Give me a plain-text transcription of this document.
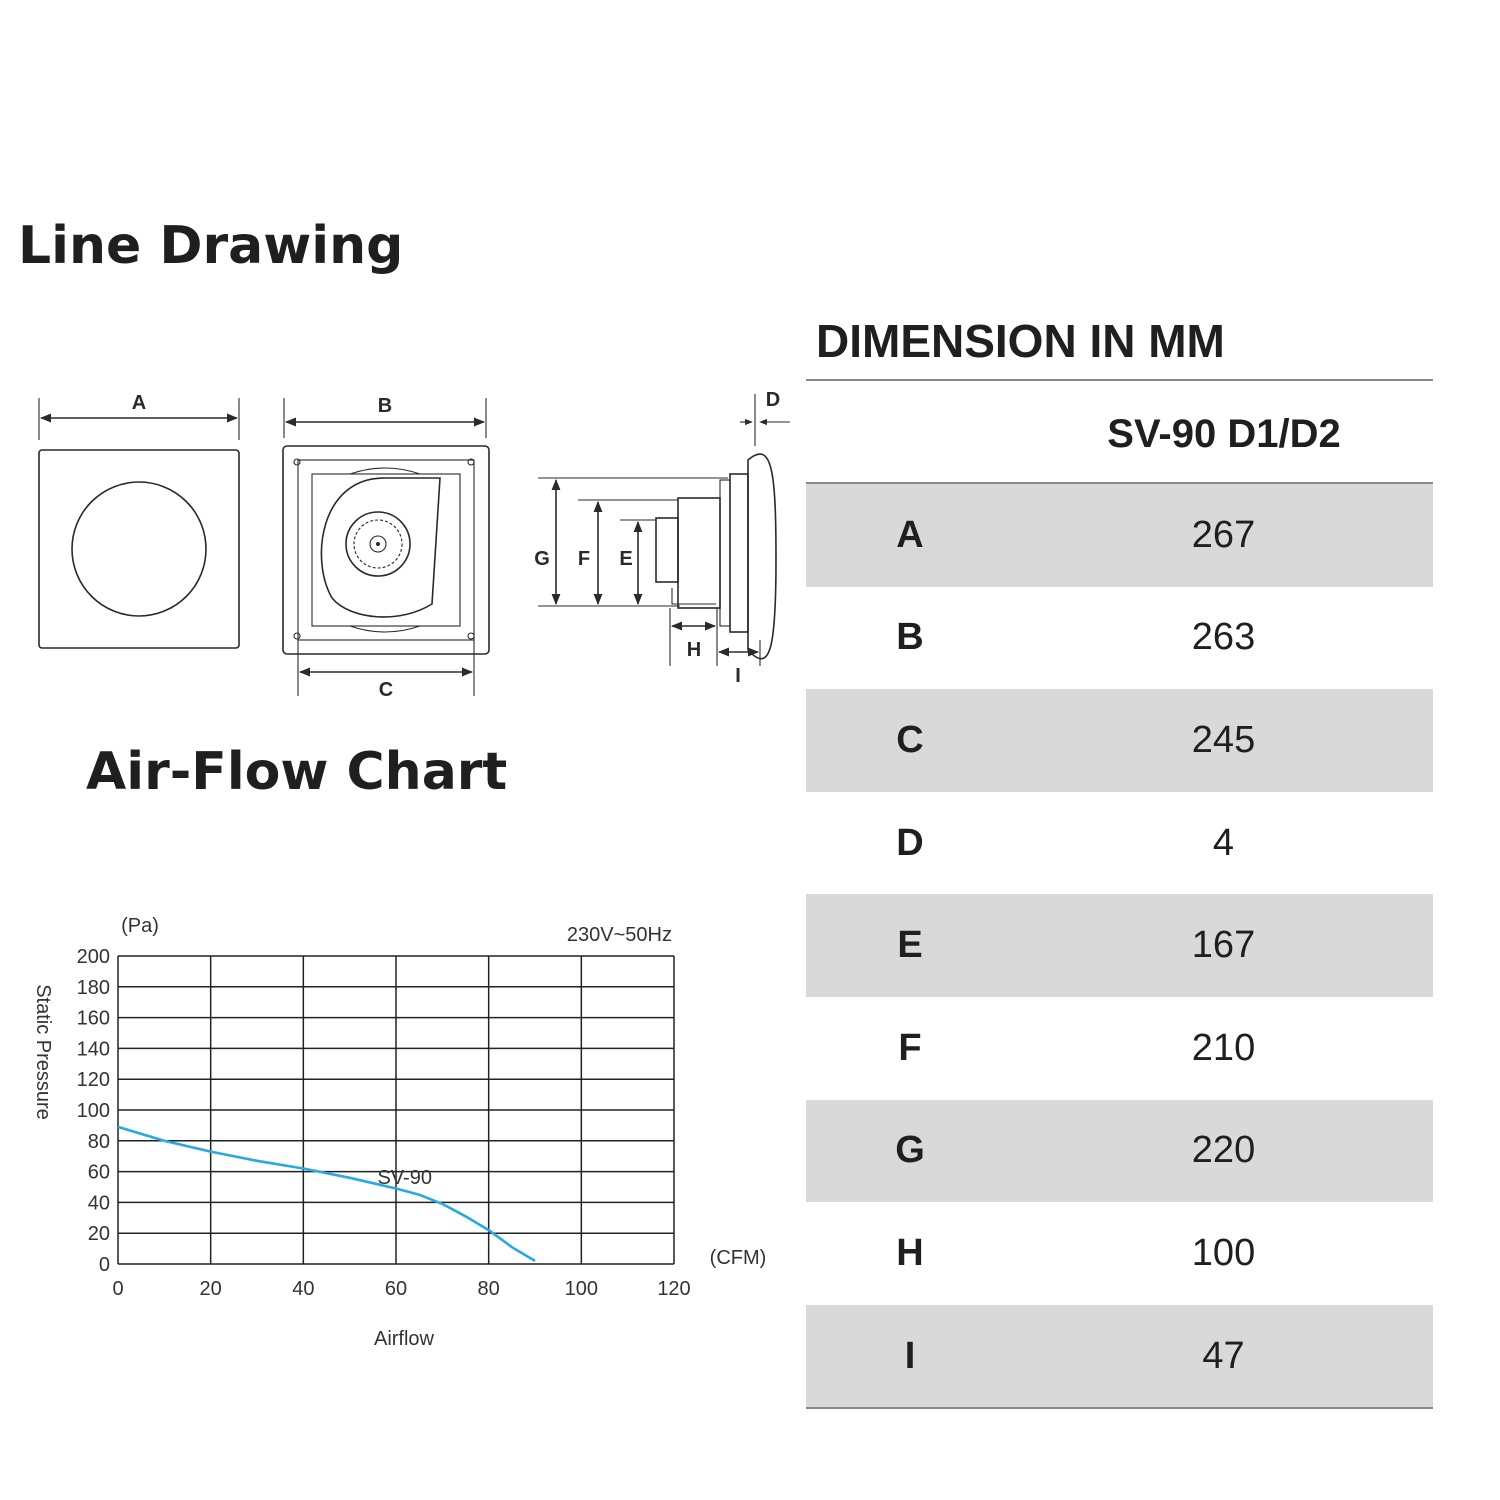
Line Drawing
Air-Flow Chart
DIMENSION IN MM
SV-90 D1/D2
A	267
B	263
C	245
D	4
E	167
F	210
G	220
H	100
I	47
A	B
C
D
G F E
H
I
0
20
40
60
80
100
120
140
160
180
200
0	20	40	60	80	100	120
SV-90
(Pa)	230V~50Hz
(CFM)
Airflow
Static Pressure
